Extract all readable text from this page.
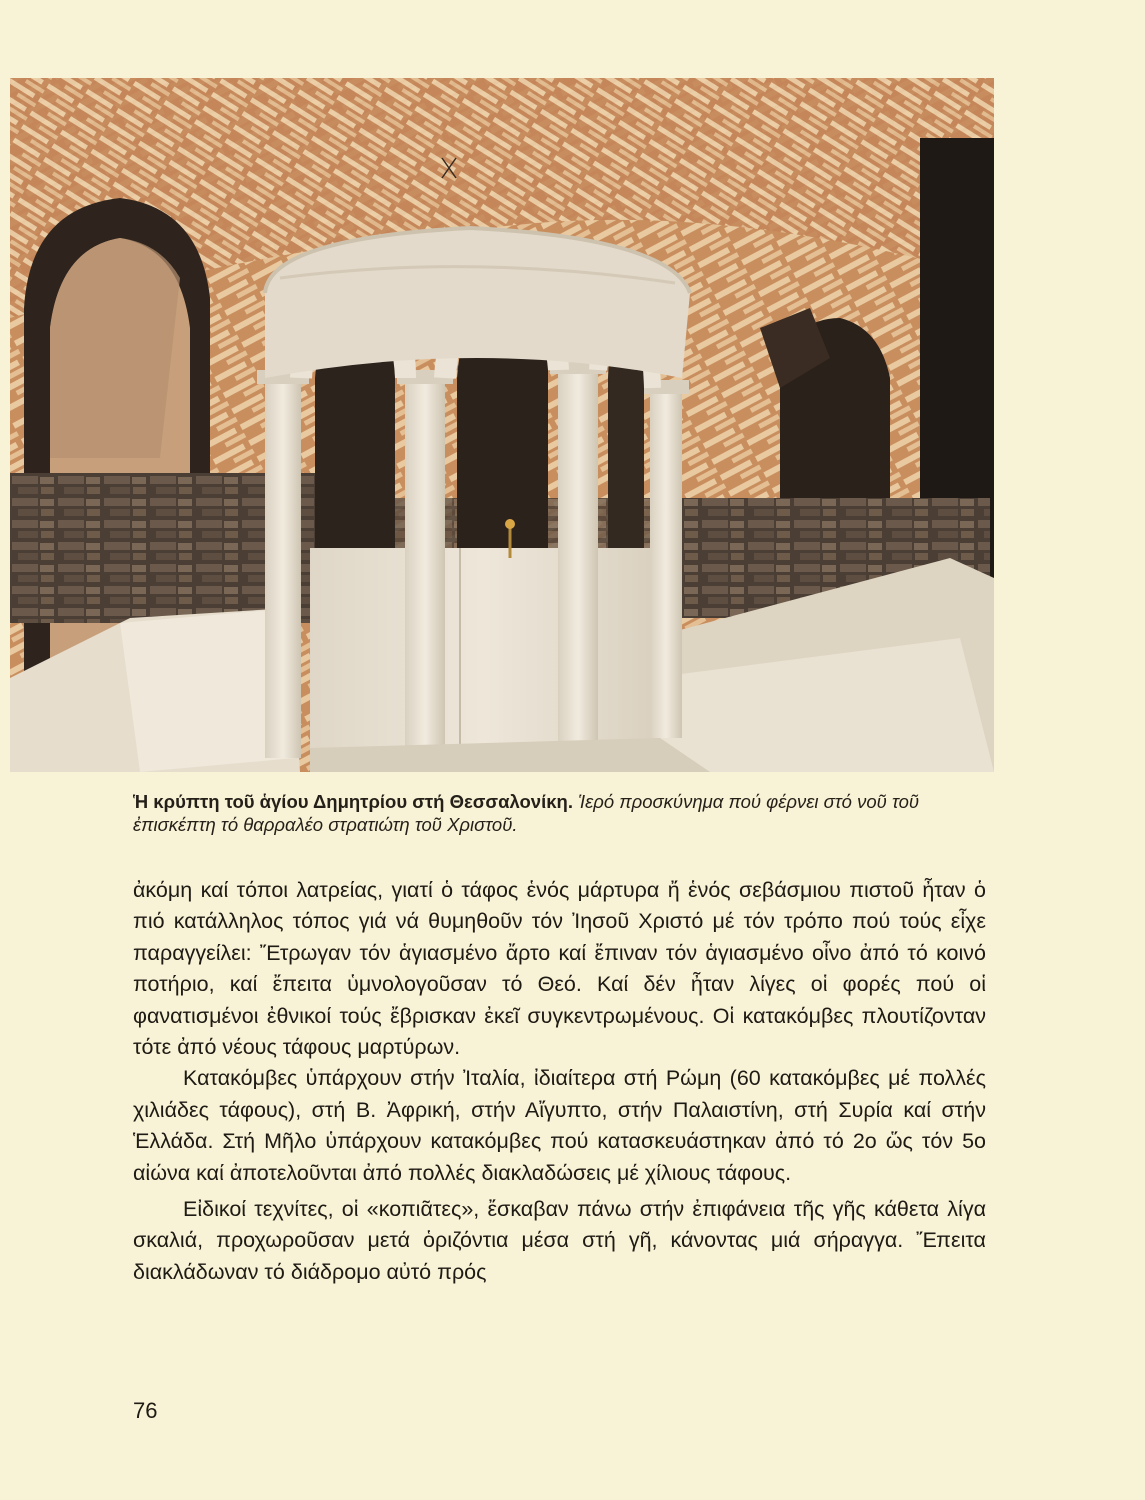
Ἡ κρύπτη τοῦ ἁγίου Δημητρίου στή Θεσσαλονίκη. Ἱερό προσκύνημα πού φέρνει στό νοῦ τοῦ ἐπισκέπτη τό θαρραλέο στρατιώτη τοῦ Χριστοῦ.

ἀκόμη καί τόποι λατρείας, γιατί ὁ τάφος ἑνός μάρτυρα ἤ ἑνός σεβάσμιου πιστοῦ ἦταν ὁ πιό κατάλληλος τόπος γιά νά θυμηθοῦν τόν Ἰησοῦ Χριστό μέ τόν τρόπο πού τούς εἶχε παραγγείλει: Ἔτρωγαν τόν ἁγιασμένο ἄρτο καί ἔπιναν τόν ἁγιασμένο οἶνο ἀπό τό κοινό ποτήριο, καί ἔπειτα ὑμνολογοῦσαν τό Θεό. Καί δέν ἦταν λίγες οἱ φορές πού οἱ φανατισμένοι ἐθνικοί τούς ἔβρισκαν ἐκεῖ συγκεντρωμένους. Οἱ κατακόμβες πλουτίζονταν τότε ἀπό νέους τάφους μαρτύρων.

Κατακόμβες ὑπάρχουν στήν Ἰταλία, ἰδιαίτερα στή Ρώμη (60 κατακόμβες μέ πολλές χιλιάδες τάφους), στή Β. Ἀφρική, στήν Αἴγυπτο, στήν Παλαιστίνη, στή Συρία καί στήν Ἑλλάδα. Στή Μῆλο ὑπάρχουν κατακόμβες πού κατασκευάστηκαν ἀπό τό 2ο ὥς τόν 5ο αἰώνα καί ἀποτελοῦνται ἀπό πολλές διακλαδώσεις μέ χίλιους τάφους.

Εἰδικοί τεχνίτες, οἱ «κοπιᾶτες», ἔσκαβαν πάνω στήν ἐπιφάνεια τῆς γῆς κάθετα λίγα σκαλιά, προχωροῦσαν μετά ὁριζόντια μέσα στή γῆ, κάνοντας μιά σήραγγα. Ἔπειτα διακλάδωναν τό διάδρομο αὐτό πρός

76
